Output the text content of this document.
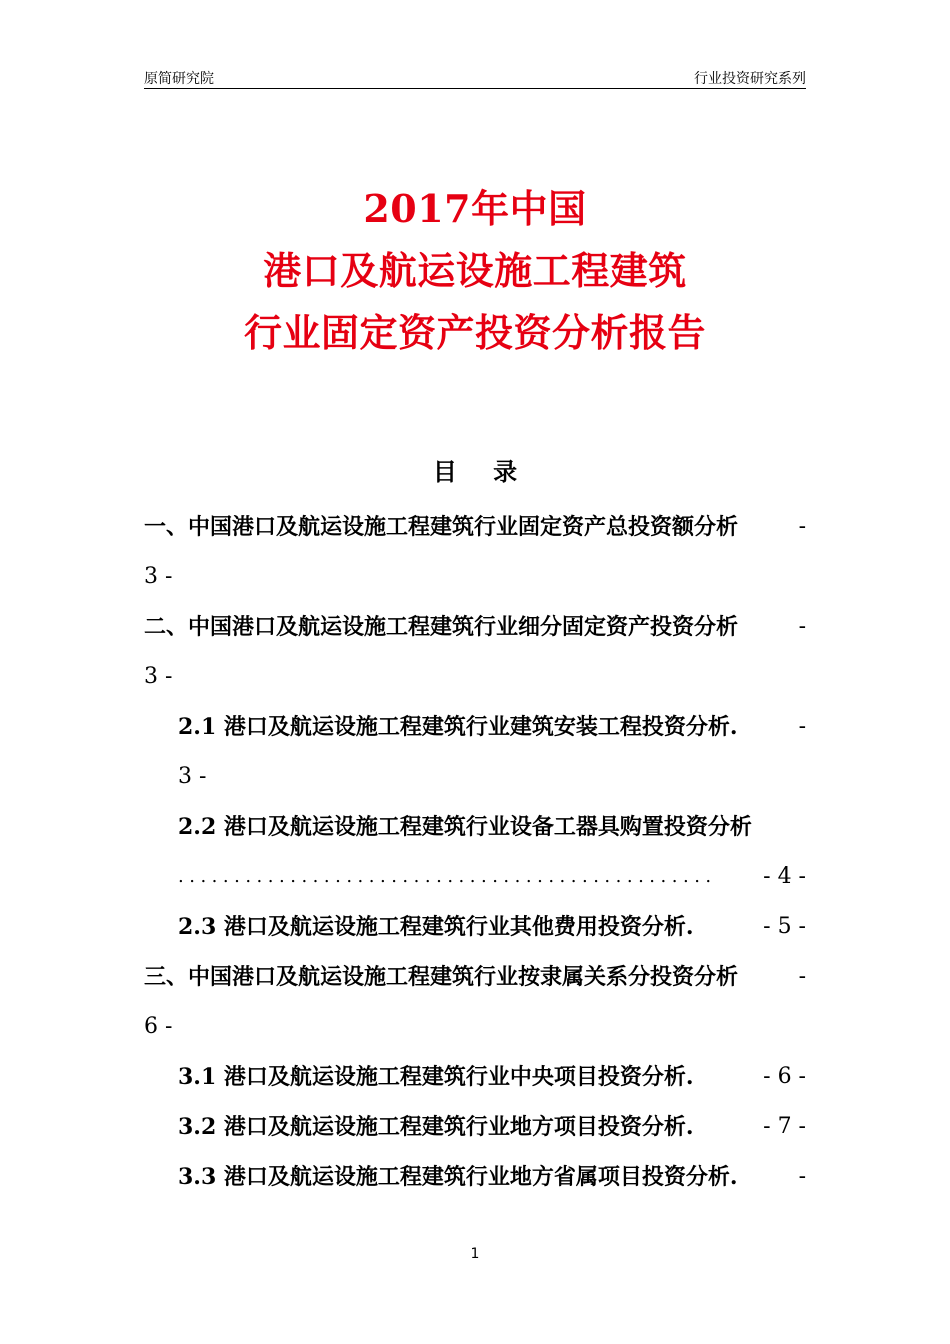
原简研究院	行业投资研究系列
2017年中国
港口及航运设施工程建筑
行业固定资产投资分析报告
目 录
一、中国港口及航运设施工程建筑行业固定资产总投资额分析	-
3 -
二、中国港口及航运设施工程建筑行业细分固定资产投资分析	-
3 -
2.1 港口及航运设施工程建筑行业建筑安装工程投资分析.	-
3 -
2.2 港口及航运设施工程建筑行业设备工器具购置投资分析
................................................ - 4 -
2.3 港口及航运设施工程建筑行业其他费用投资分析.	- 5 -
三、中国港口及航运设施工程建筑行业按隶属关系分投资分析	-
6 -
3.1 港口及航运设施工程建筑行业中央项目投资分析.	- 6 -
3.2 港口及航运设施工程建筑行业地方项目投资分析.	- 7 -
3.3 港口及航运设施工程建筑行业地方省属项目投资分析.	-
1
